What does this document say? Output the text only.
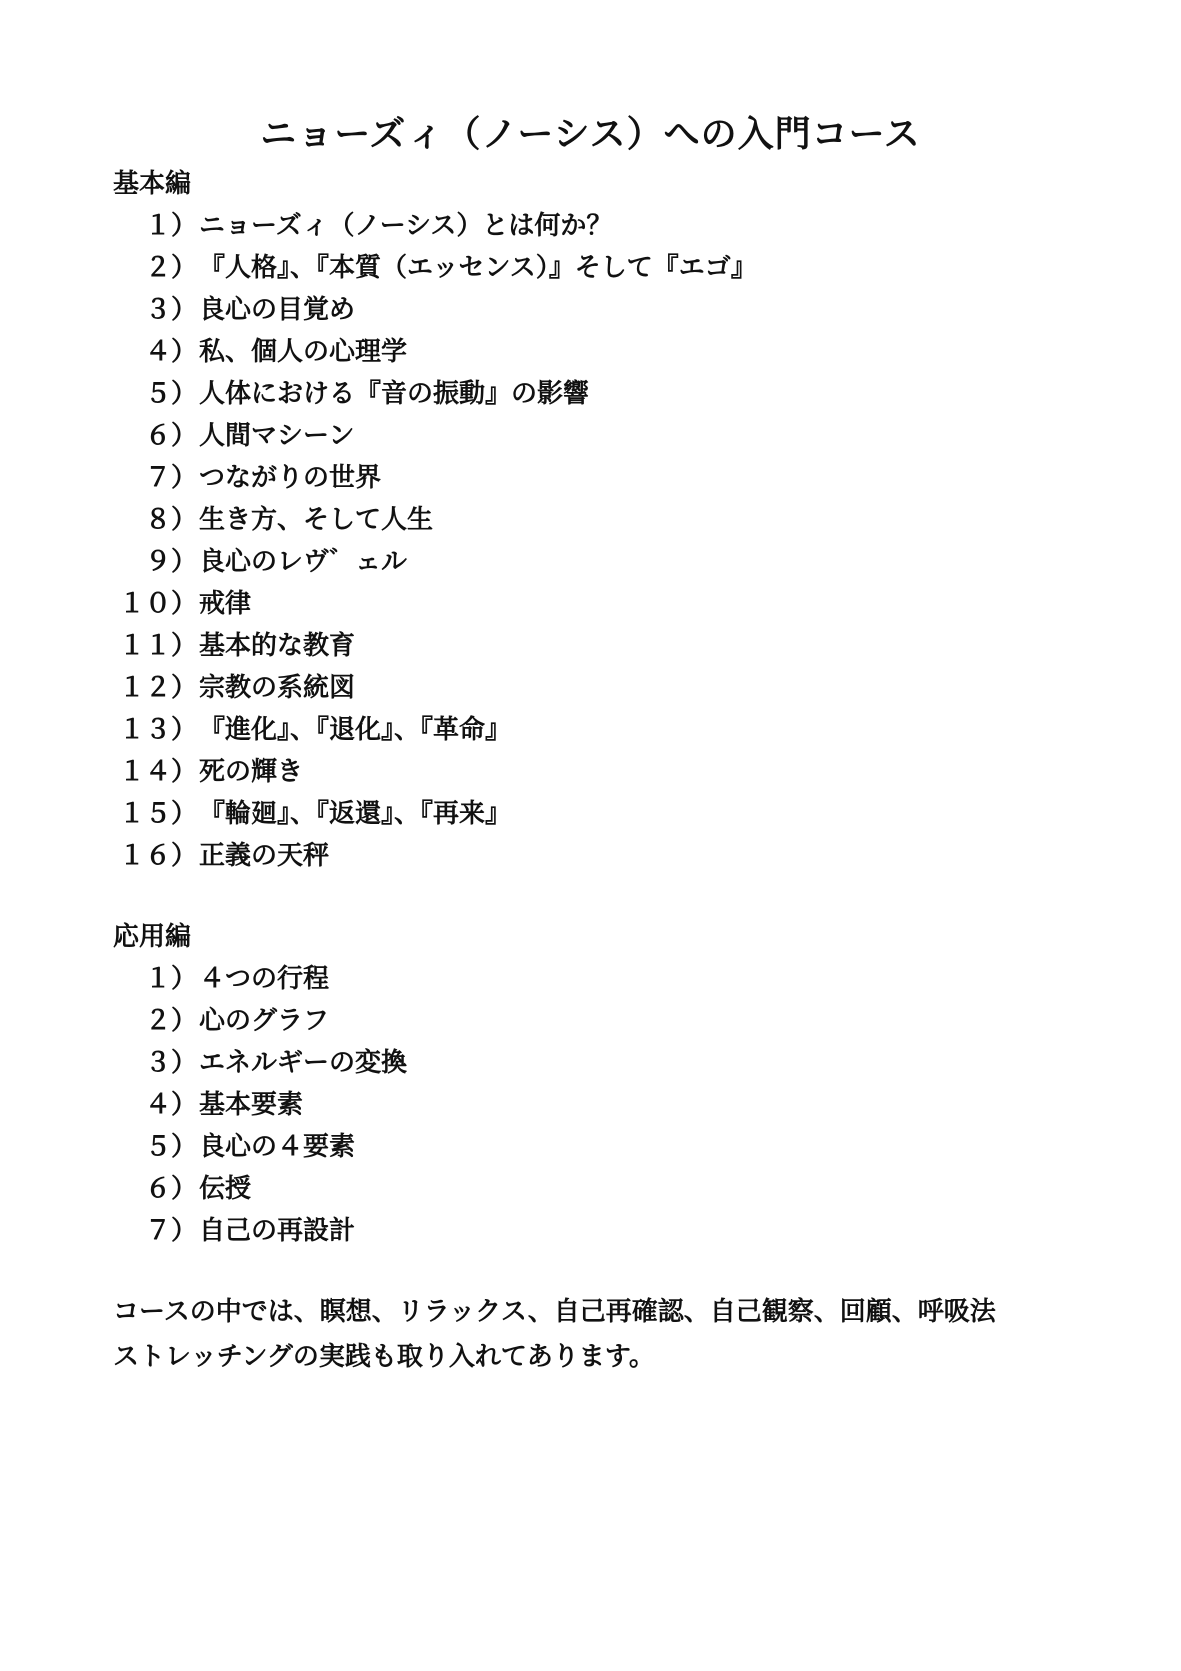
ニョーズィ（ノーシス）への入門コース
基本編
１） ニョーズィ（ノーシス）とは何か？
２） 『人格』、『本質（エッセンス）』そして『エゴ』
３） 良心の目覚め
４） 私、個人の心理学
５） 人体における『音の振動』の影響
６） 人間マシーン
７） つながりの世界
８） 生き方、そして人生
９） 良心のレヴ゛ェル
１０） 戒律
１１） 基本的な教育
１２） 宗教の系統図
１３） 『進化』、『退化』、『革命』
１４） 死の輝き
１５） 『輪廻』、『返還』、『再来』
１６） 正義の天秤
応用編
１） ４つの行程
２） 心のグラフ
３） エネルギーの変換
４） 基本要素
５） 良心の４要素
６） 伝授
７） 自己の再設計
コースの中では、瞑想、リラックス、自己再確認、自己観察、回顧、呼吸法
ストレッチングの実践も取り入れてあります。
